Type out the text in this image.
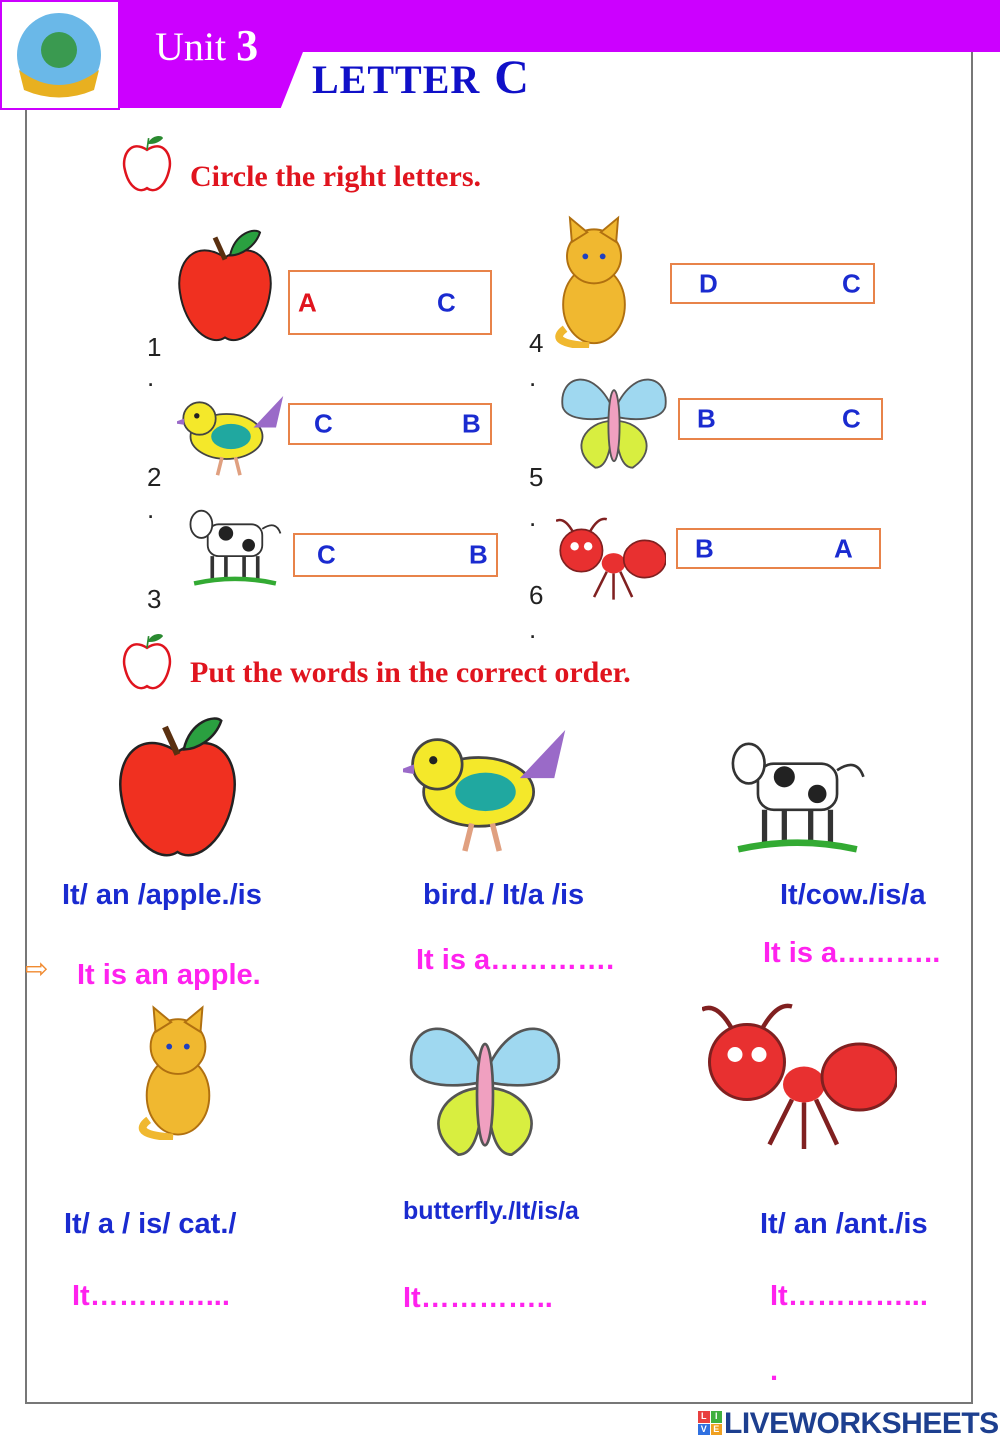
Unit 3
LETTER C
Circle the right letters.
A	C
1
.
C	B
2
.
C	B
3
D	C
4
.
B	C
5
.
B	A
6
.
Put the words in the correct order.
It/ an /apple./is	bird./ It/a /is	It/cow./is/a
⇨ It is an apple.	It is a………….	It is a………..
It/ a / is/ cat./	butterfly./It/is/a	It/ an /ant./is
It…………...	It…………..	It…………...
.
L I
V E LIVEWORKSHEETS
